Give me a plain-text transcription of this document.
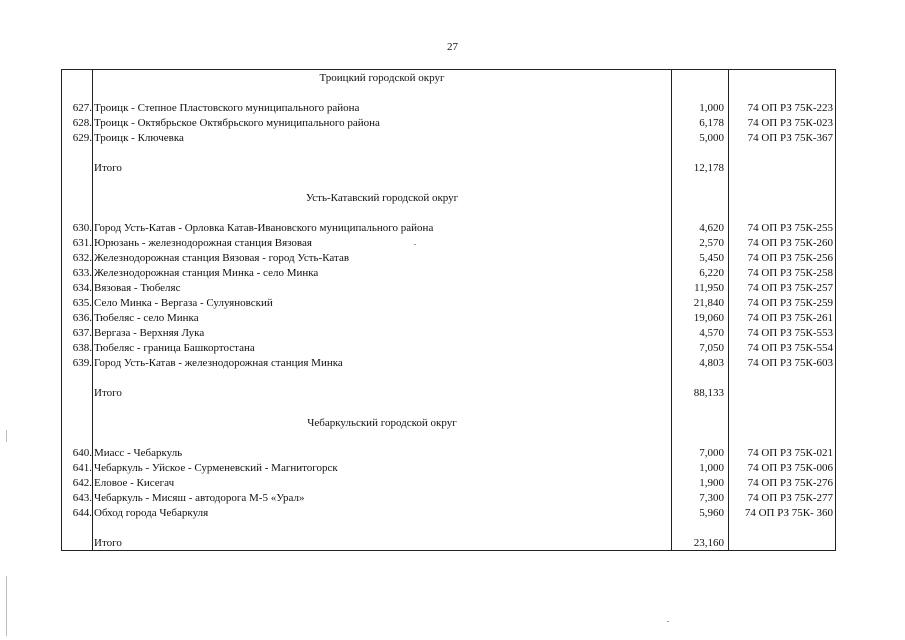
27
	Троицкий городской округ		

627.	Троицк - Степное Пластовского муниципального района	1,000	74 ОП РЗ 75К-223
628.	Троицк - Октябрьское Октябрьского муниципального района	6,178	74 ОП РЗ 75К-023
629.	Троицк - Ключевка	5,000	74 ОП РЗ 75К-367

	Итого	12,178	

	Усть-Катавский городской округ		

630.	Город Усть-Катав - Орловка Катав-Ивановского муниципального района	4,620	74 ОП РЗ 75К-255
631.	Юрюзань - железнодорожная станция Вязовая	2,570	74 ОП РЗ 75К-260
632.	Железнодорожная станция Вязовая - город Усть-Катав	5,450	74 ОП РЗ 75К-256
633.	Железнодорожная станция Минка - село Минка	6,220	74 ОП РЗ 75К-258
634.	Вязовая - Тюбеляс	11,950	74 ОП РЗ 75К-257
635.	Село Минка - Вергаза - Сулуяновский	21,840	74 ОП РЗ 75К-259
636.	Тюбеляс - село Минка	19,060	74 ОП РЗ 75К-261
637.	Вергаза - Верхняя Лука	4,570	74 ОП РЗ 75К-553
638.	Тюбеляс - граница Башкортостана	7,050	74 ОП РЗ 75К-554
639.	Город Усть-Катав - железнодорожная станция Минка	4,803	74 ОП РЗ 75К-603

	Итого	88,133	

	Чебаркульский городской округ		

640.	Миасс - Чебаркуль	7,000	74 ОП РЗ 75К-021
641.	Чебаркуль - Уйское - Сурменевский - Магнитогорск	1,000	74 ОП РЗ 75К-006
642.	Еловое - Кисегач	1,900	74 ОП РЗ 75К-276
643.	Чебаркуль - Мисяш - автодорога М-5 «Урал»	7,300	74 ОП РЗ 75К-277
644.	Обход города Чебаркуля	5,960	74 ОП РЗ 75К- 360

	Итого	23,160	
